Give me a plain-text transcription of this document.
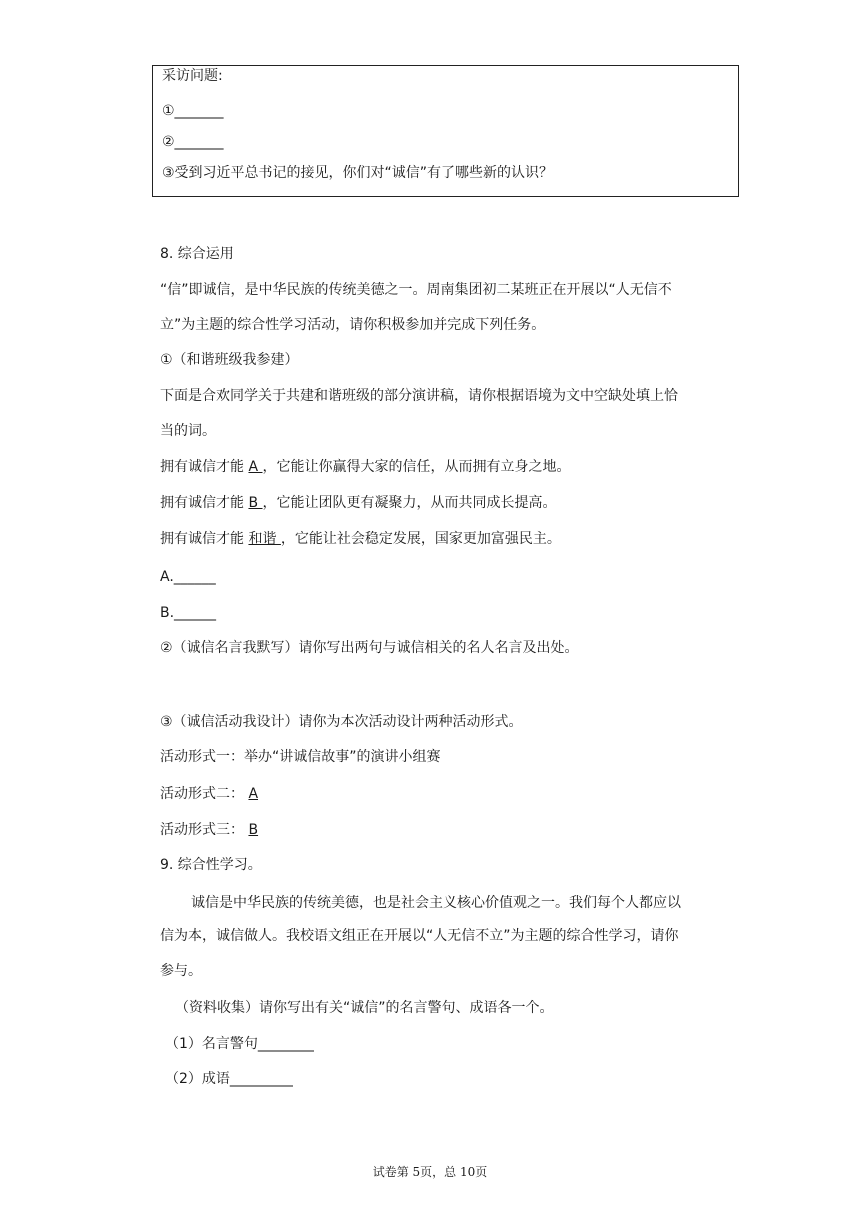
采访问题:
①_______
②_______
③受到习近平总书记的接见，你们对“诚信”有了哪些新的认识？
8. 综合运用
“信”即诚信，是中华民族的传统美德之一。周南集团初二某班正在开展以“人无信不
立”为主题的综合性学习活动，请你积极参加并完成下列任务。
①（和谐班级我参建）
下面是合欢同学关于共建和谐班级的部分演讲稿，请你根据语境为文中空缺处填上恰
当的词。
拥有诚信才能 A ，它能让你赢得大家的信任，从而拥有立身之地。
拥有诚信才能 B ，它能让团队更有凝聚力，从而共同成长提高。
拥有诚信才能 和谐 ，它能让社会稳定发展，国家更加富强民主。
A.______
B.______
②（诚信名言我默写）请你写出两句与诚信相关的名人名言及出处。
③（诚信活动我设计）请你为本次活动设计两种活动形式。
活动形式一：举办“讲诚信故事”的演讲小组赛
活动形式二： A
活动形式三： B
9. 综合性学习。
诚信是中华民族的传统美德，也是社会主义核心价值观之一。我们每个人都应以
信为本，诚信做人。我校语文组正在开展以“人无信不立”为主题的综合性学习，请你
参与。
（资料收集）请你写出有关“诚信”的名言警句、成语各一个。
（1）名言警句________
（2）成语_________
试卷第 5页，总 10页
